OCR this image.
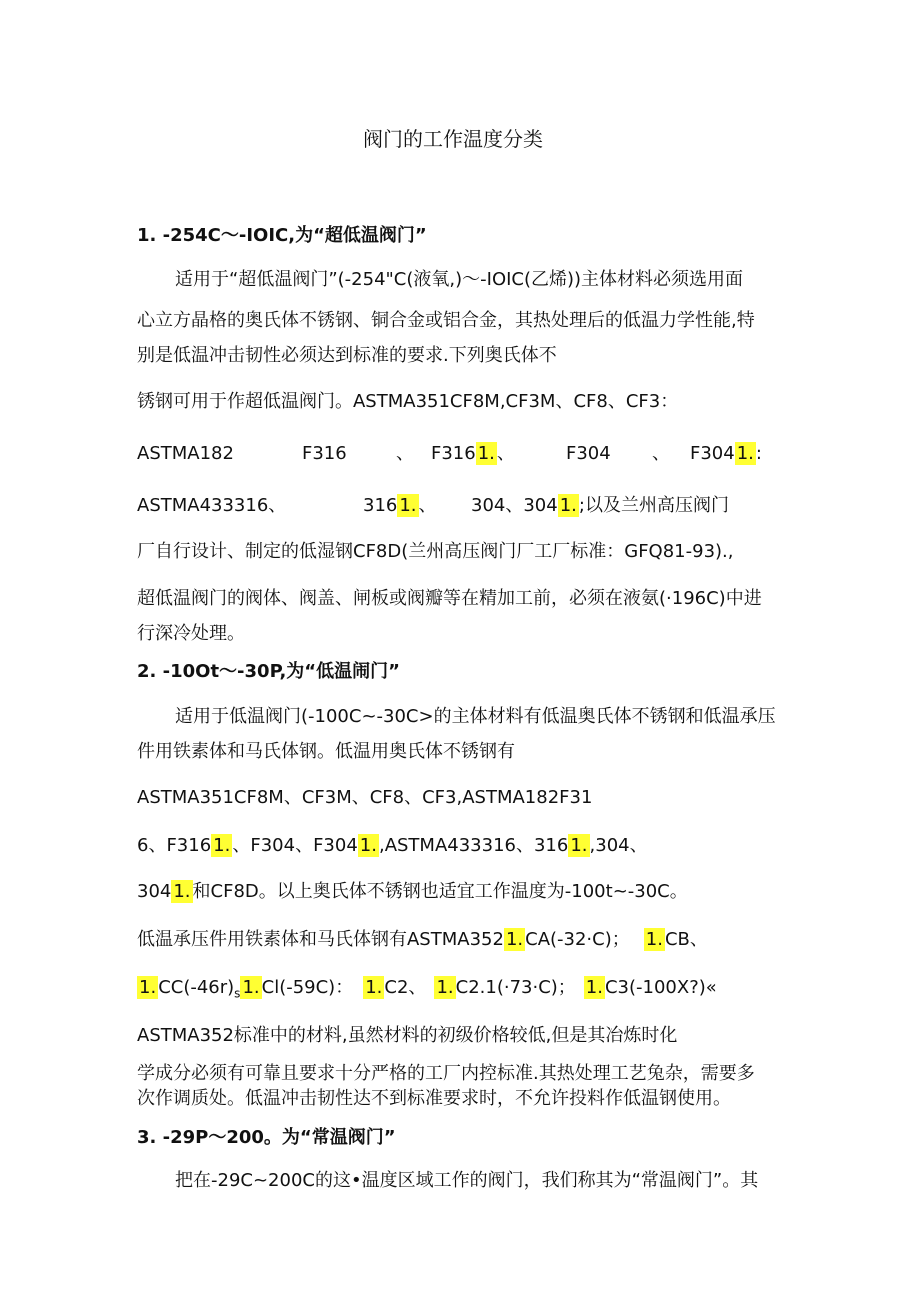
阀门的工作温度分类
1. -254C～-IOIC,为“超低温阀门”
适用于“超低温阀门”(-254"C(液氧,)～-IOIC(乙烯))主体材料必须选用面
心立方晶格的奥氏体不锈钢、铜合金或铝合金，其热处理后的低温力学性能,特
别是低温冲击韧性必须达到标准的要求.下列奥氏体不
锈钢可用于作超低温阀门。ASTMA351CF8M,CF3M、CF8、CF3：
ASTMA182	F316	、 F316 1. 、	F304 、 F304 1. :
ASTMA433316、	316 1. 、 304、304 1. ;以及兰州高压阀门
厂自行设计、制定的低湿钢CF8D(兰州高压阀门厂工厂标准：GFQ81-93).,
超低温阀门的阀体、阀盖、闸板或阀瓣等在精加工前，必须在液氨(·196C)中进
行深冷处理。
2. -10Ot～-30P,为“低温闹门”
适用于低温阀门(-100C~-30C>的主体材料有低温奥氏体不锈钢和低温承压
件用铁素体和马氏体钢。低温用奥氏体不锈钢有
ASTMA351CF8M、CF3M、CF8、CF3,ASTMA182F31
6、F316 1. 、F304、F304 1. ,ASTMA433316、316 1. ,304、
304 1. 和CF8D。以上奥氏体不锈钢也适宜工作温度为-100t~-30C。
低温承压件用铁素体和马氏体钢有ASTMA352 1. CA(-32·C)； 1. CB、
1. $CC(-46r)_s$ 1. Cl(-59C)： 1. C2、 1. C2.1(·73·C)； 1. C3(-100X?)«
ASTMA352标准中的材料,虽然材料的初级价格较低,但是其冶炼时化
学成分必须有可靠且要求十分严格的工厂内控标准.其热处理工艺兔杂，需要多
次作调质处。低温冲击韧性达不到标准要求时，不允许投料作低温钢使用。
3. -29P～200。为“常温阀门”
把在-29C~200C的这•温度区域工作的阀门，我们称其为“常温阀门”。其
